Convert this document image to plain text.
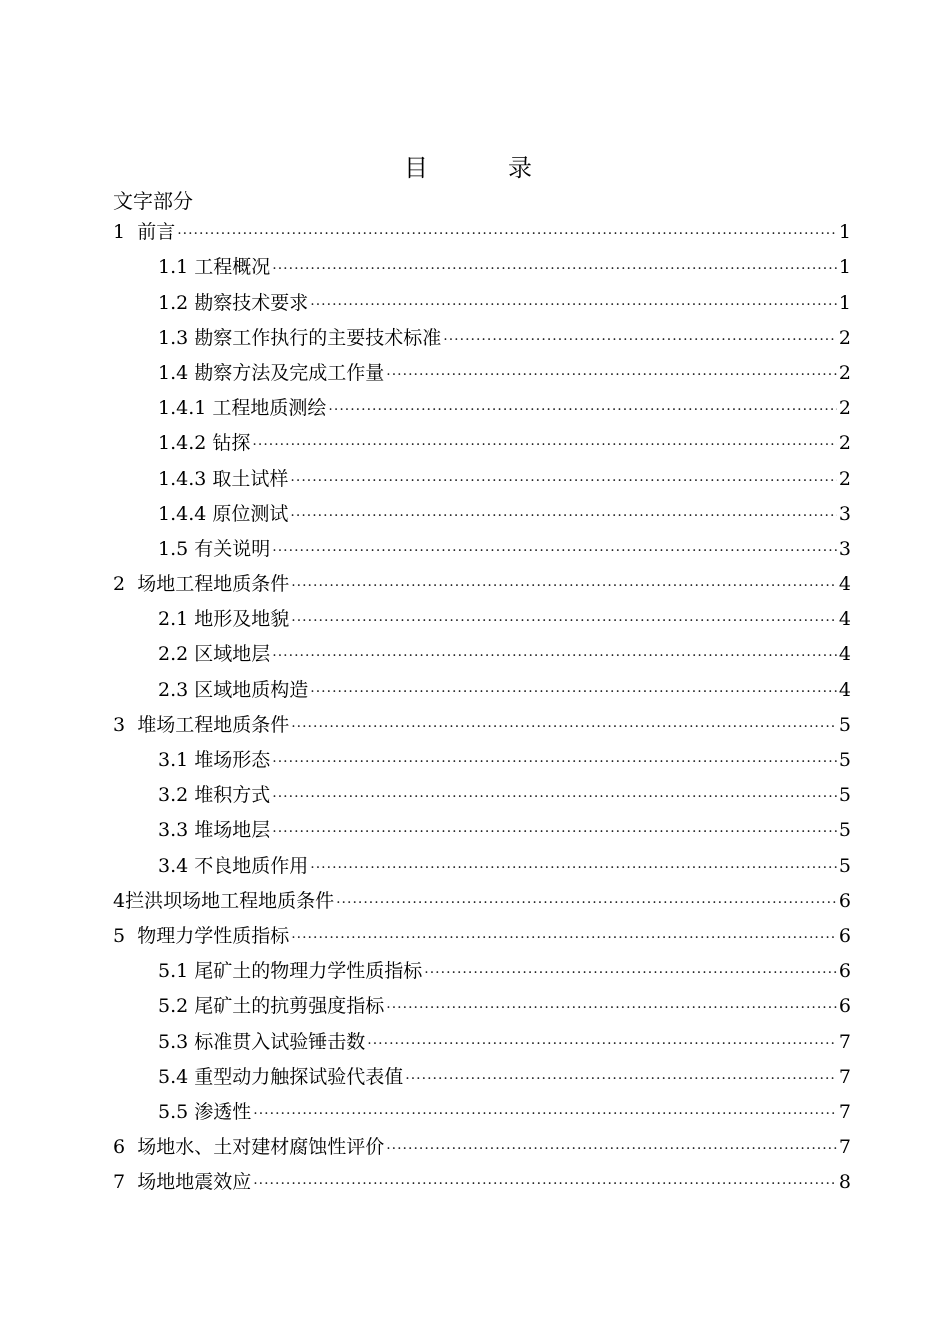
目　录
文字部分
1 前言 ·····	1
1.1 工程概况 ·····	1
1.2 勘察技术要求 ·····	1
1.3 勘察工作执行的主要技术标准 ·····	2
1.4 勘察方法及完成工作量 ·····	2
1.4.1 工程地质测绘 ·····	2
1.4.2 钻探 ·····	2
1.4.3 取土试样 ·····	2
1.4.4 原位测试 ·····	3
1.5 有关说明 ·····	3
2 场地工程地质条件 ·····	4
2.1 地形及地貌 ·····	4
2.2 区域地层 ·····	4
2.3 区域地质构造 ·····	4
3 堆场工程地质条件 ·····	5
3.1 堆场形态 ·····	5
3.2 堆积方式 ·····	5
3.3 堆场地层 ·····	5
3.4 不良地质作用 ·····	5
4拦洪坝场地工程地质条件 ·····	6
5 物理力学性质指标 ·····	6
5.1 尾矿土的物理力学性质指标 ·····	6
5.2 尾矿土的抗剪强度指标 ·····	6
5.3 标准贯入试验锤击数 ·····	7
5.4 重型动力触探试验代表值 ·····	7
5.5 渗透性 ·····	7
6 场地水、土对建材腐蚀性评价 ·····	7
7 场地地震效应 ·····	8
